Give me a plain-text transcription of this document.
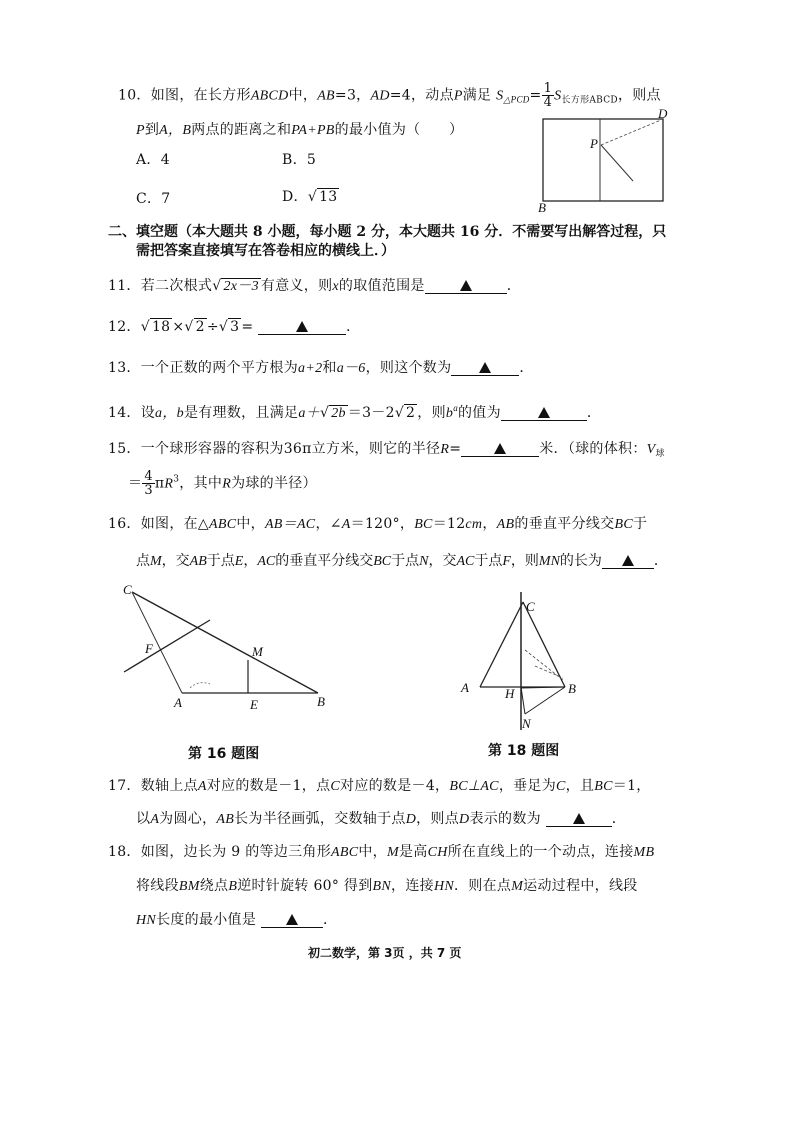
10．如图，在长方形ABCD中，AB=3，AD=4，动点P满足 $S_{\triangle PCD}= \frac{1}{4} S_{长方形ABCD}$，则点
P到A，B两点的距离之和PA+PB的最小值为（　　）
A．4	B．5
C．7	D．√ 13
D
P
B
二、填空题（本大题共 8 小题，每小题 2 分，本大题共 16 分．不需要写出解答过程，只
需把答案直接填写在答卷相应的横线上．）
11．若二次根式√ 2x－3 有意义，则x的取值范围是	．
12．√ 18 ×√ 2 ÷√ 3 =	．
13．一个正数的两个平方根为a+2和a－6，则这个数为	．
14．设a，b是有理数，且满足a＋√ 2b ＝3－2√ 2 ，则$b^a$的值为	．
15．一个球形容器的容积为36π立方米，则它的半径R=	米．（球的体积：$V_球$
＝ $\frac{4}{3} \pi R^3$，其中R为球的半径）
16．如图，在△ABC中，AB＝AC，∠A＝120°，BC＝12cm，AB的垂直平分线交BC于
点M，交AB于点E，AC的垂直平分线交BC于点N，交AC于点F，则MN的长为	．
C
F	M
A	E	B
第 16 题图
C
A	H	B
N
第 18 题图
17．数轴上点A对应的数是－1，点C对应的数是－4，BC⊥AC，垂足为C，且BC＝1，
以A为圆心，AB长为半径画弧，交数轴于点D，则点D表示的数为	．
18．如图，边长为 9 的等边三角形ABC中，M是高CH所在直线上的一个动点，连接MB
将线段BM绕点B逆时针旋转 60° 得到BN，连接HN．则在点M运动过程中，线段
HN长度的最小值是	．
初二数学，第 3页 ，共 7 页
